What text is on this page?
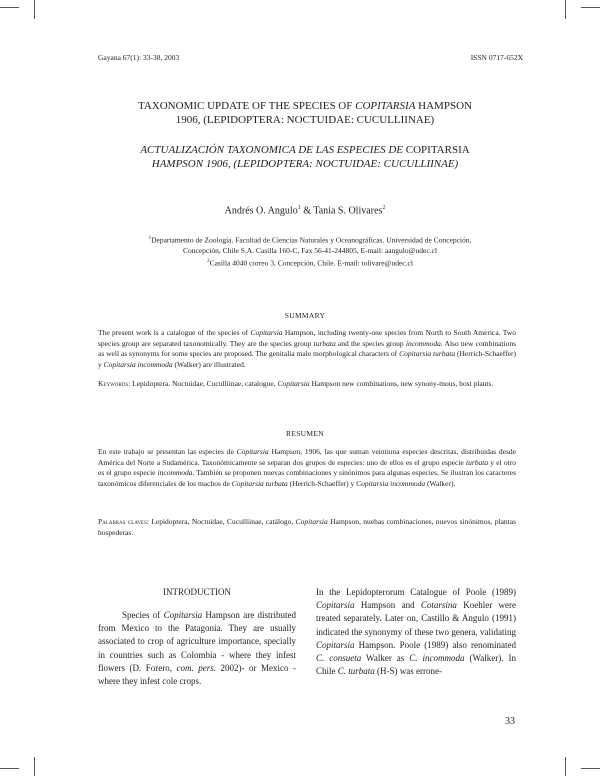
Gayana 67(1): 33-38, 2003	ISSN 0717-652X
TAXONOMIC UPDATE OF THE SPECIES OF COPITARSIA HAMPSON
1906, (LEPIDOPTERA: NOCTUIDAE: CUCULLIINAE)
ACTUALIZACIÓN TAXONOMICA DE LAS ESPECIES DE COPITARSIA
HAMPSON 1906, (LEPIDOPTERA: NOCTUIDAE: CUCULLIINAE)
Andrés O. Angulo$^1$ & Tania S. Olivares$^2$
$^1$Departamento de Zoología. Facultad de Ciencias Naturales y Oceanográficas. Universidad de Concepción,
Concepción, Chile S.A. Casilla 160-C, Fax 56-41-244805, E-mail: aangulo@udec.cl
$^2$Casilla 4040 correo 3, Concepción, Chile. E-mail: tolivare@udec.cl
SUMMARY
The present work is a catalogue of the species of Copitarsia Hampson, including twenty-one species from North to South America. Two species group are separated taxonomically. They are the species group turbata and the species group incommoda. Also new combinations as well as synonyms for some species are proposed. The genitalia male morphological characters of Copitarsia turbata (Herrich-Schaeffer) y Copitarsia incommoda (Walker) are illustrated.
Keywords: Lepidoptera. Noctuidae, Cuculliinae, catalogue, Copitarsia Hampson new combinations, new synony-mous, host plants.
RESUMEN
En este trabajo se presentan las especies de Copitarsia Hampson, 1906, las que suman veintiuna especies descritas, distribuidas desde América del Norte a Sudamérica. Taxonómicamente se separan dos grupos de especies: uno de ellos es el grupo especie turbata y el otro es el grupo especie incommoda. También se proponen nuevas combinaciones y sinónimos para algunas especies. Se ilustran los caracteres taxonómicos diferenciales de los machos de Copitarsia turbata (Herrich-Schaeffer) y Copitarsia incommoda (Walker).
Palabras claves: Lepidoptera, Noctuidae, Cuculliinae, catálogo, Copitarsia Hampson, nuebas combinaciones, nuevos sinónimos, plantas hospederas.
INTRODUCTION
Species of Copitarsia Hampson are distributed from Mexico to the Patagonia. They are usually associated to crop of agriculture importance, specially in countries such as Colombia - where they infest flowers (D. Forero, com. pers. 2002)- or Mexico - where they infest cole crops.
In the Lepidopterorum Catalogue of Poole (1989) Copitarsia Hampson and Cotarsina Koehler were treated separately. Later on, Castillo & Angulo (1991) indicated the synonymy of these two genera, validating Copitarsia Hampson. Poole (1989) also renominated C. consueta Walker as C. incommoda (Walker). In Chile C. turbata (H-S) was errone-
33
